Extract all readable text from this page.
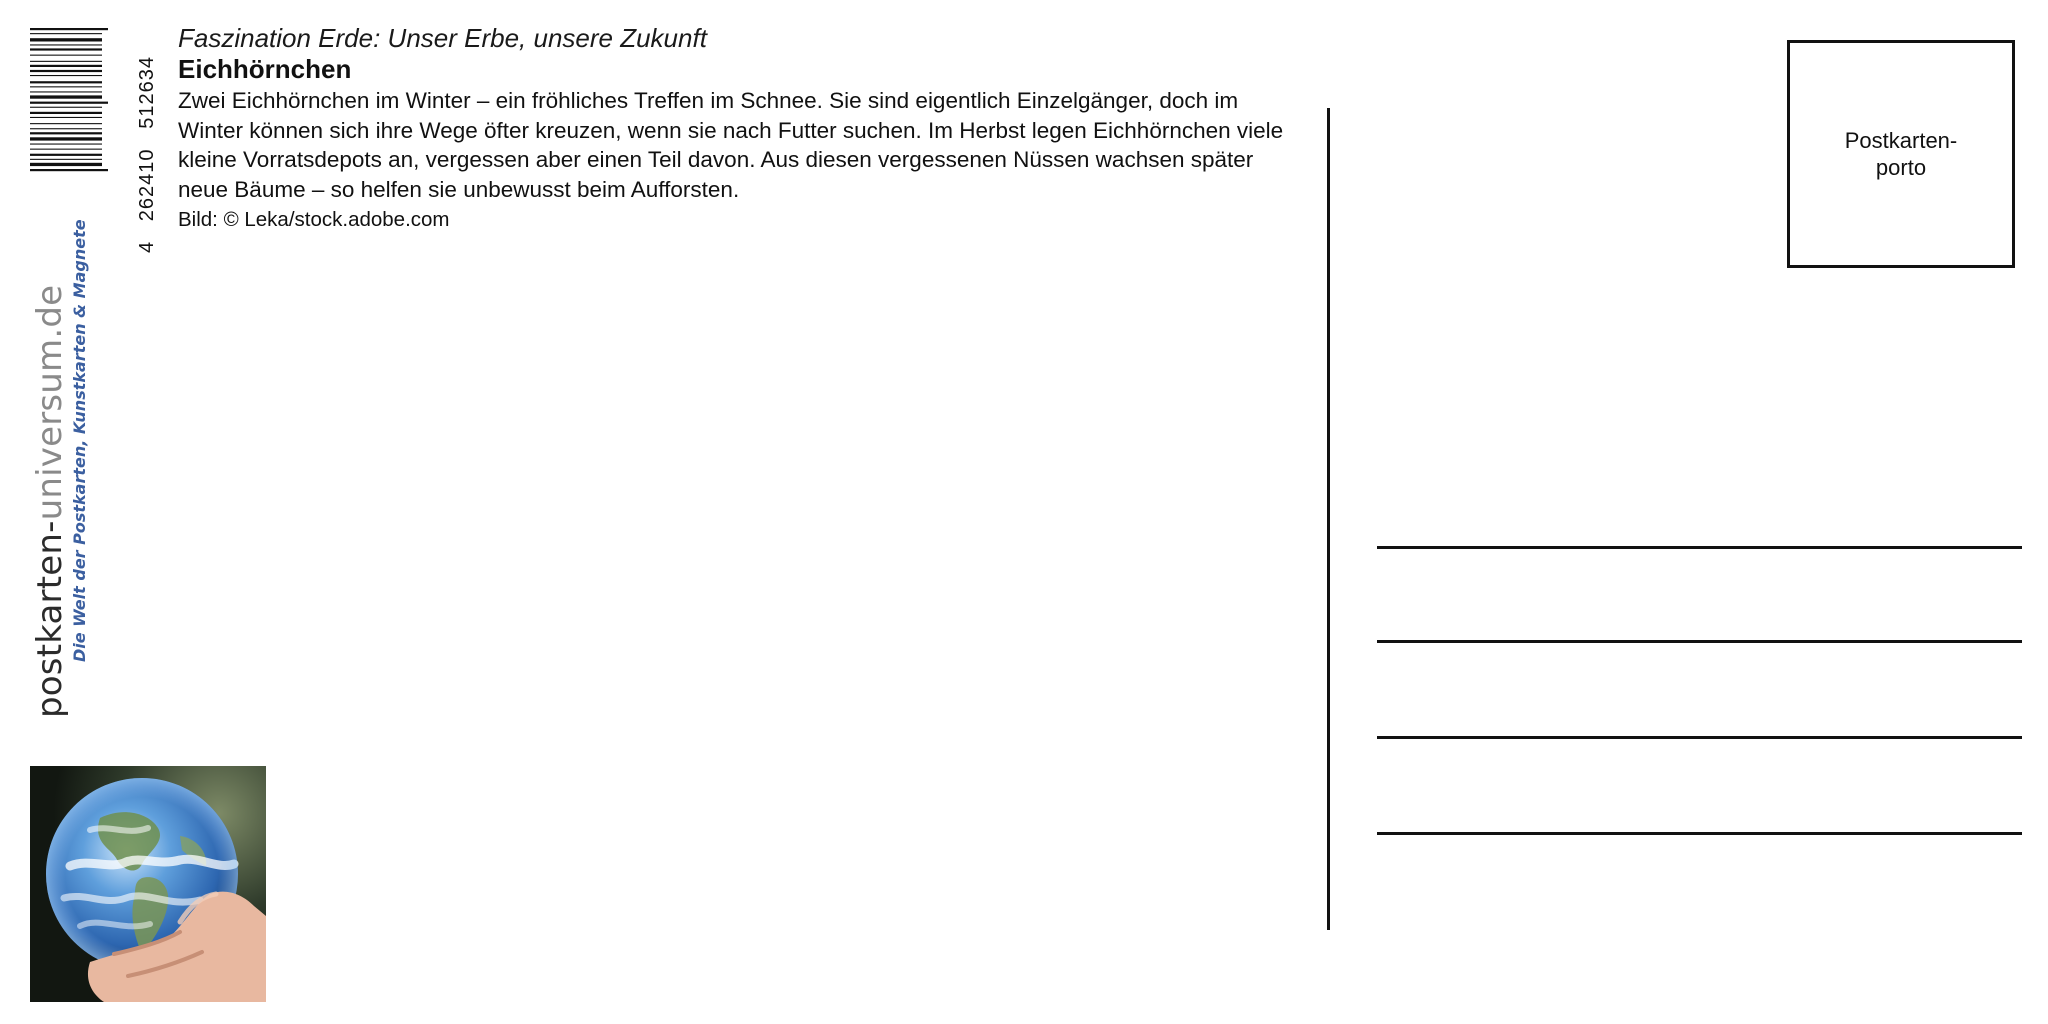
4   262410   512634
postkarten-universum.de Die Welt der Postkarten, Kunstkarten & Magnete
Faszination Erde: Unser Erbe, unsere Zukunft
Eichhörnchen
Zwei Eichhörnchen im Winter – ein fröhliches Treffen im Schnee. Sie sind eigentlich Einzelgänger, doch im Winter können sich ihre Wege öfter kreuzen, wenn sie nach Futter suchen. Im Herbst legen Eichhörnchen viele kleine Vorratsdepots an, vergessen aber einen Teil davon. Aus diesen vergessenen Nüssen wachsen später neue Bäume – so helfen sie unbewusst beim Aufforsten.
Bild: © Leka/stock.adobe.com
Postkarten-
porto
